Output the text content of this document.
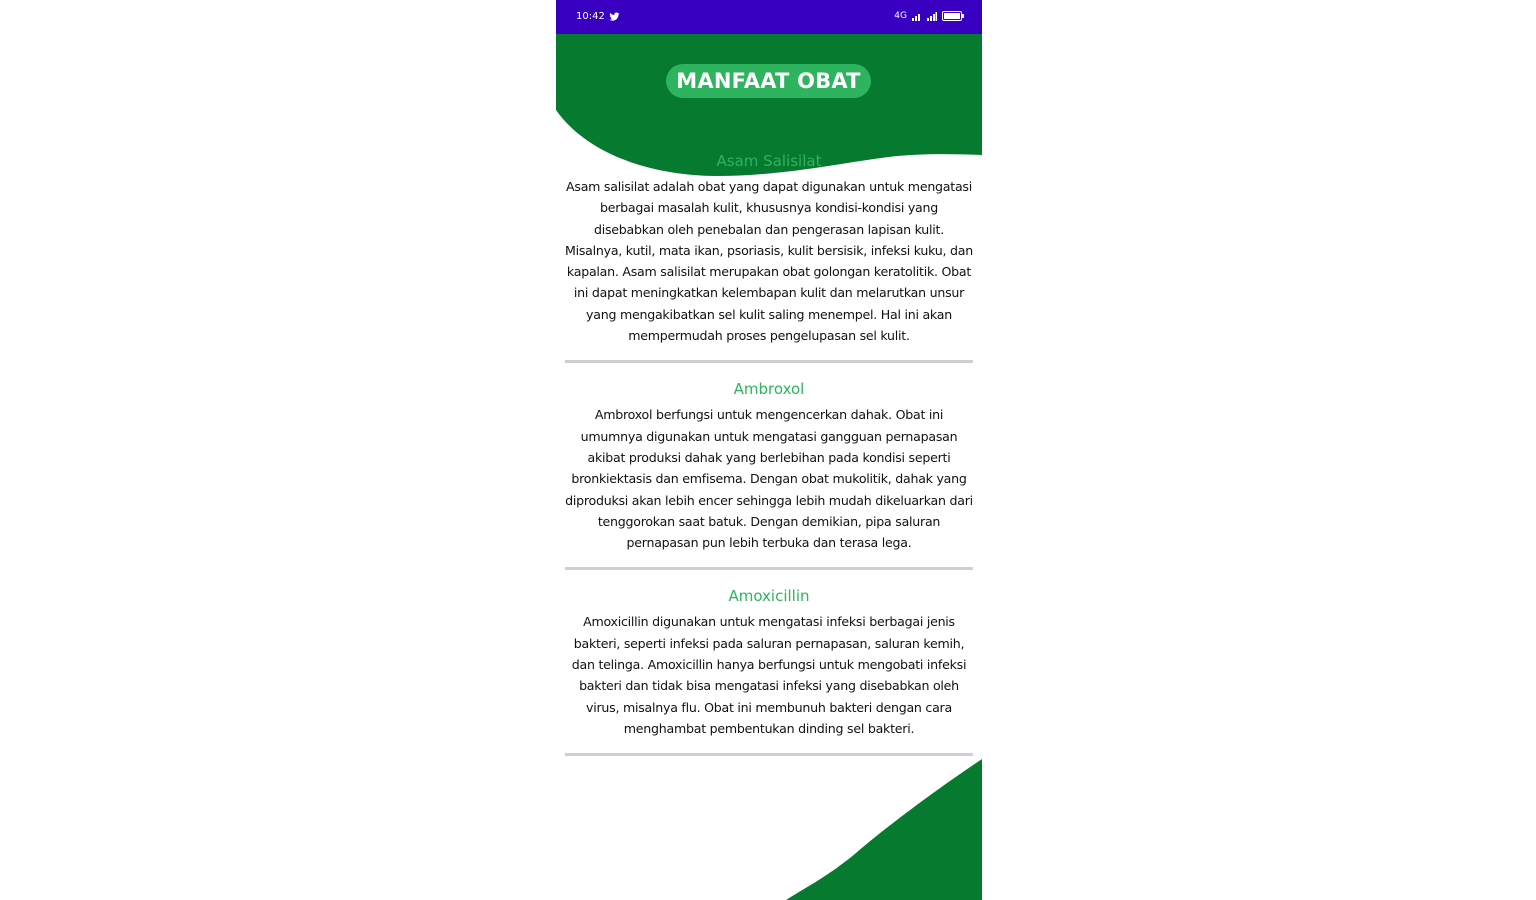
10:42	4G
MANFAAT OBAT
Asam Salisilat
Asam salisilat adalah obat yang dapat digunakan untuk mengatasi berbagai masalah kulit, khususnya kondisi-kondisi yang disebabkan oleh penebalan dan pengerasan lapisan kulit. Misalnya, kutil, mata ikan, psoriasis, kulit bersisik, infeksi kuku, dan kapalan. Asam salisilat merupakan obat golongan keratolitik. Obat ini dapat meningkatkan kelembapan kulit dan melarutkan unsur yang mengakibatkan sel kulit saling menempel. Hal ini akan mempermudah proses pengelupasan sel kulit.
Ambroxol
Ambroxol berfungsi untuk mengencerkan dahak. Obat ini umumnya digunakan untuk mengatasi gangguan pernapasan akibat produksi dahak yang berlebihan pada kondisi seperti bronkiektasis dan emfisema. Dengan obat mukolitik, dahak yang diproduksi akan lebih encer sehingga lebih mudah dikeluarkan dari tenggorokan saat batuk. Dengan demikian, pipa saluran pernapasan pun lebih terbuka dan terasa lega.
Amoxicillin
Amoxicillin digunakan untuk mengatasi infeksi berbagai jenis bakteri, seperti infeksi pada saluran pernapasan, saluran kemih, dan telinga. Amoxicillin hanya berfungsi untuk mengobati infeksi bakteri dan tidak bisa mengatasi infeksi yang disebabkan oleh virus, misalnya flu. Obat ini membunuh bakteri dengan cara menghambat pembentukan dinding sel bakteri.
